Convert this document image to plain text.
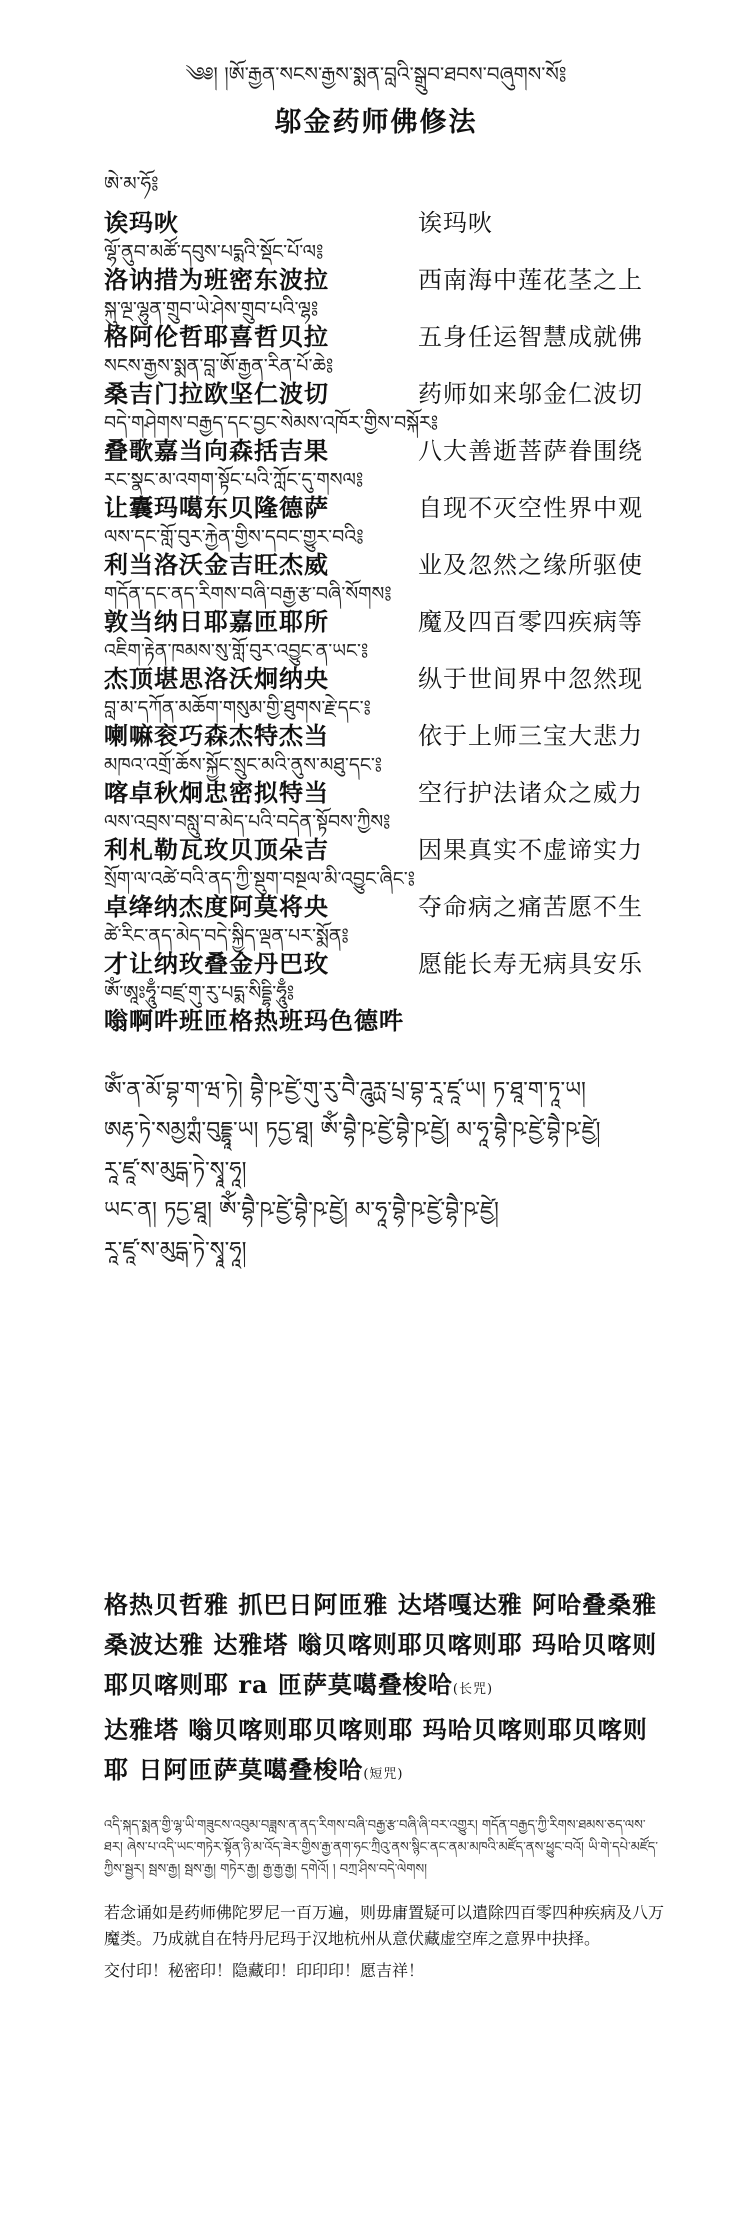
༄༅། །ཨོ་རྒྱན་སངས་རྒྱས་སྨན་བླའི་སྒྲུབ་ཐབས་བཞུགས་སོ༔
邬金药师佛修法
ཨེ་མ་ཧོ༔
诶玛吙	诶玛吙
ལྷོ་ནུབ་མཚོ་དབུས་པདྨའི་སྡོང་པོ་ལ༔
洛讷措为班密东波拉	西南海中莲花茎之上
སྐུ་ལྔ་ལྷུན་གྲུབ་ཡེ་ཤེས་གྲུབ་པའི་ལྷ༔
格阿伦哲耶喜哲贝拉	五身任运智慧成就佛
སངས་རྒྱས་སྨན་བླ་ཨོ་རྒྱན་རིན་པོ་ཆེ༔
桑吉门拉欧坚仁波切	药师如来邬金仁波切
བདེ་གཤེགས་བརྒྱད་དང་བྱང་སེམས་འཁོར་གྱིས་བསྐོར༔
叠歌嘉当向森括吉果	八大善逝菩萨眷围绕
རང་སྣང་མ་འགག་སྟོང་པའི་ཀློང་དུ་གསལ༔
让囊玛噶东贝隆德萨	自现不灭空性界中观
ལས་དང་གློ་བུར་རྐྱེན་གྱིས་དབང་གྱུར་བའི༔
利当洛沃金吉旺杰威	业及忽然之缘所驱使
གདོན་དང་ནད་རིགས་བཞི་བརྒྱ་རྩ་བཞི་སོགས༔
敦当纳日耶嘉匝耶所	魔及四百零四疾病等
འཇིག་རྟེན་ཁམས་སུ་གློ་བུར་འབྱུང་ན་ཡང་༔
杰顶堪思洛沃炯纳央	纵于世间界中忽然现
བླ་མ་དཀོན་མཆོག་གསུམ་གྱི་ཐུགས་རྗེ་དང་༔
喇嘛衮巧森杰特杰当	依于上师三宝大悲力
མཁའ་འགྲོ་ཆོས་སྐྱོང་སྲུང་མའི་ནུས་མཐུ་དང་༔
喀卓秋炯忠密拟特当	空行护法诸众之威力
ལས་འབྲས་བསླུ་བ་མེད་པའི་བདེན་སྟོབས་ཀྱིས༔
利札勒瓦玫贝顶朵吉	因果真实不虚谛实力
སྲོག་ལ་འཚེ་བའི་ནད་ཀྱི་སྡུག་བསྔལ་མི་འབྱུང་ཞིང་༔
卓绛纳杰度阿莫将央	夺命病之痛苦愿不生
ཚེ་རིང་ནད་མེད་བདེ་སྐྱིད་ལྡན་པར་སྨོན༔
才让纳玫叠金丹巴玫	愿能长寿无病具安乐
ཨོཾ་ཨཱཿཧཱུྃ་བཛྲ་གུ་རུ་པདྨ་སིདྡྷི་ཧཱུྃ༔
嗡啊吽班匝格热班玛色德吽
ཨོཾ་ན་མོ་བྷ་ག་ཝ་ཏེ། བྷཻ་ཥ་ཛྱེ་གུ་རུ་བཻ་ཌཱུརྻ་པྲ་བྷ་རཱ་ཛཱ་ཡ། ཏ་ཐཱ་ག་ཏཱ་ཡ།
ཨརྷ་ཏེ་སམྱཀྶཾ་བུདྡྷཱ་ཡ། ཏདྱ་ཐཱ། ཨོཾ་བྷཻ་ཥ་ཛྱེ་བྷཻ་ཥ་ཛྱེ། མ་ཧཱ་བྷཻ་ཥ་ཛྱེ་བྷཻ་ཥ་ཛྱེ།
རཱ་ཛཱ་ས་མུདྒ་ཏེ་སྭཱ་ཧཱ།
ཡང་ན། ཏདྱ་ཐཱ། ཨོཾ་བྷཻ་ཥ་ཛྱེ་བྷཻ་ཥ་ཛྱེ། མ་ཧཱ་བྷཻ་ཥ་ཛྱེ་བྷཻ་ཥ་ཛྱེ།
རཱ་ཛཱ་ས་མུདྒ་ཏེ་སྭཱ་ཧཱ།
格热贝哲雅 抓巴日阿匝雅 达塔嘎达雅 阿哈叠桑雅桑波达雅 达雅塔 嗡贝喀则耶贝喀则耶 玛哈贝喀则耶贝喀则耶 ra 匝萨莫噶叠梭哈(长咒)
达雅塔 嗡贝喀则耶贝喀则耶 玛哈贝喀则耶贝喀则耶 日阿匝萨莫噶叠梭哈(短咒)
འདི་སྐད་སྨན་གྱི་ལྷ་ཡི་གཟུངས་འབུམ་བཟླས་ན་ནད་རིགས་བཞི་བརྒྱ་རྩ་བཞི་ཞི་བར་འགྱུར། གདོན་བརྒྱད་ཀྱི་རིགས་ཐམས་ཅད་ལས་ཐར། ཞེས་པ་འདི་ཡང་གཏེར་སྟོན་ཉི་མ་འོད་ཟེར་གྱིས་རྒྱ་ནག་ཧང་ཀྲིའུ་ནས་སྙིང་ནང་ནམ་མཁའི་མཛོད་ནས་ཕྱུང་བའོ། ཡི་གེ་དཔེ་མཛོད་ཀྱིས་སྦྱར། སྦས་རྒྱ། སྦས་རྒྱ། གཏེར་རྒྱ། རྒྱ་རྒྱ་རྒྱ། དགེའོ། ། བཀྲ་ཤིས་བདེ་ལེགས།
若念诵如是药师佛陀罗尼一百万遍，则毋庸置疑可以遣除四百零四种疾病及八万魔类。乃成就自在特丹尼玛于汉地杭州从意伏藏虚空库之意界中抉择。
交付印！秘密印！隐藏印！印印印！愿吉祥！
